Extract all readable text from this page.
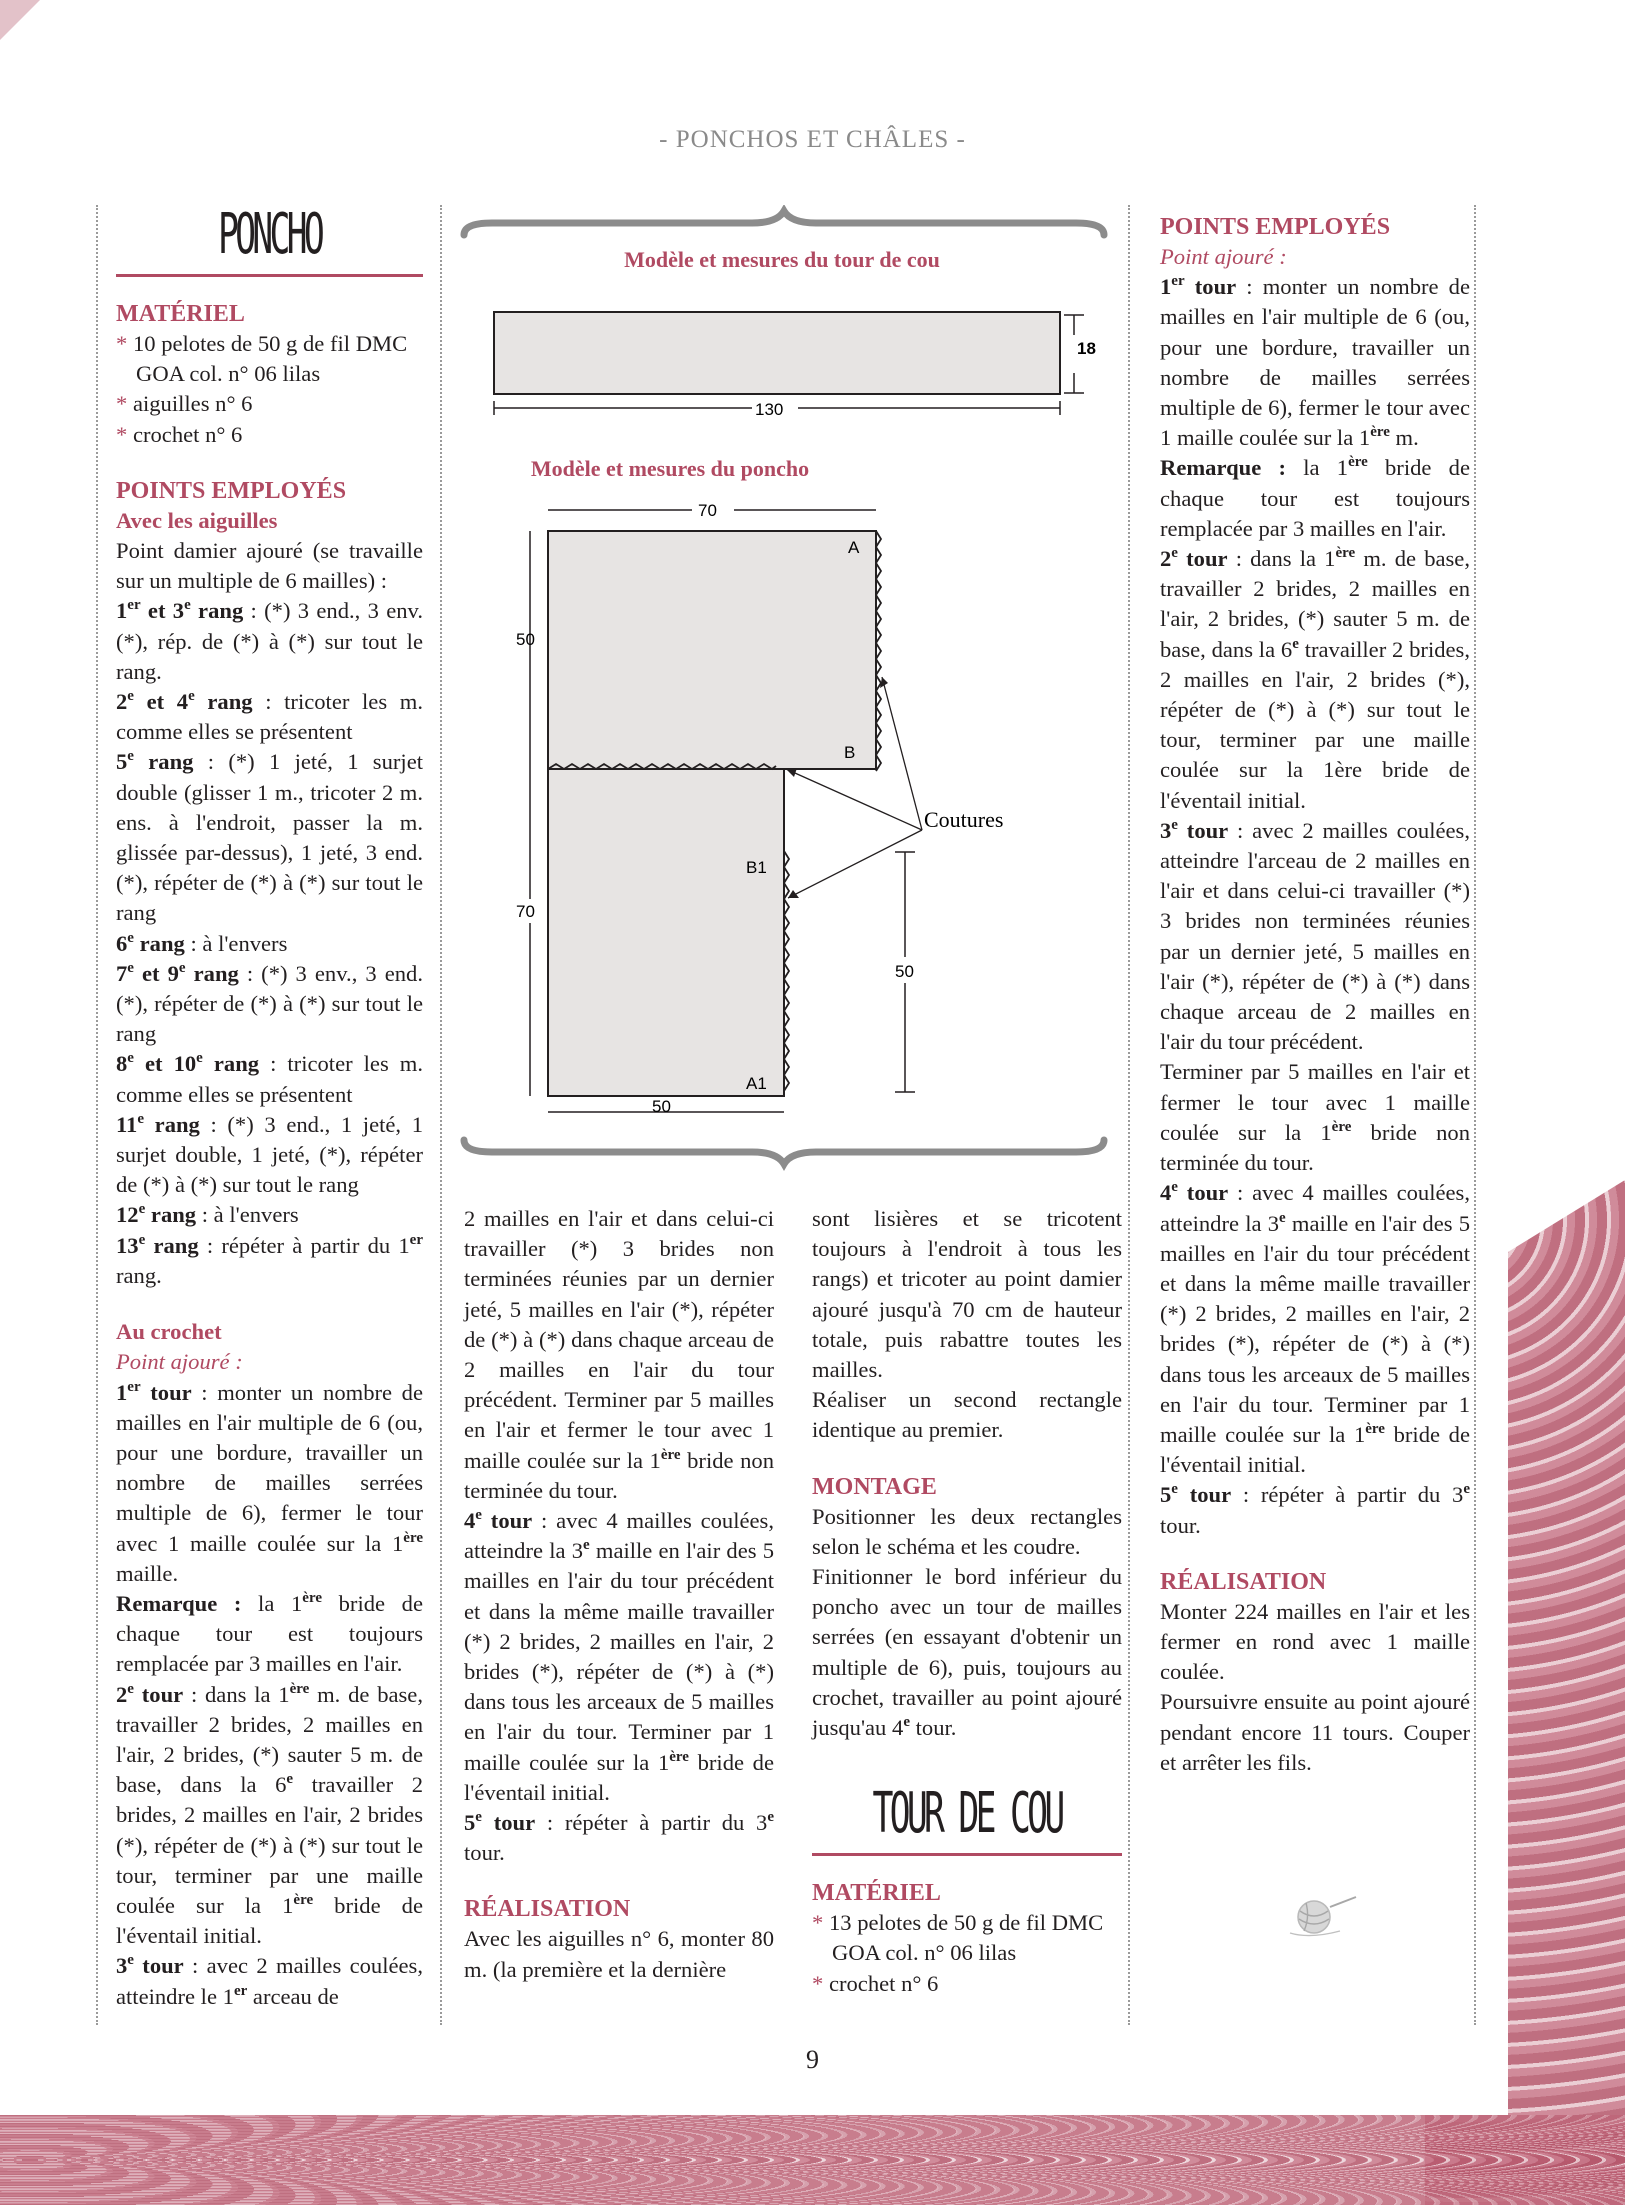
- PONCHOS ET CHÂLES -

PONCHO

MATÉRIEL

* 10 pelotes de 50 g de fil DMC GOA col. n° 06 lilas

* aiguilles n° 6

* crochet n° 6

POINTS EMPLOYÉS

Avec les aiguilles

Point damier ajouré (se travaille sur un multiple de 6 mailles) :

1er et 3e rang : (*) 3 end., 3 env. (*), rép. de (*) à (*) sur tout le rang.

2e et 4e rang : tricoter les m. comme elles se présentent

5e rang : (*) 1 jeté, 1 surjet double (glisser 1 m., tricoter 2 m. ens. à l'endroit, passer la m. glissée par-dessus), 1 jeté, 3 end. (*), répéter de (*) à (*) sur tout le rang

6e rang : à l'envers

7e et 9e rang : (*) 3 env., 3 end. (*), répéter de (*) à (*) sur tout le rang

8e et 10e rang : tricoter les m. comme elles se présentent

11e rang : (*) 3 end., 1 jeté, 1 surjet double, 1 jeté, (*), répéter de (*) à (*) sur tout le rang

12e rang : à l'envers

13e rang : répéter à partir du 1er rang.

Au crochet

Point ajouré :

1er tour : monter un nombre de mailles en l'air multiple de 6 (ou, pour une bordure, travailler un nombre de mailles serrées multiple de 6), fermer le tour avec 1 maille coulée sur la 1ère maille.

Remarque : la 1ère bride de chaque tour est toujours remplacée par 3 mailles en l'air.

2e tour : dans la 1ère m. de base, travailler 2 brides, 2 mailles en l'air, 2 brides, (*) sauter 5 m. de base, dans la 6e travailler 2 brides, 2 mailles en l'air, 2 brides (*), répéter de (*) à (*) sur tout le tour, terminer par une maille coulée sur la 1ère bride de l'éventail initial.

3e tour : avec 2 mailles coulées, atteindre le 1er arceau de

18
130
A
B
B1
A1
70
50
70
50
50
Coutures
Modèle et mesures du tour de cou
Modèle et mesures du poncho

2 mailles en l'air et dans celui-ci travailler (*) 3 brides non terminées réunies par un dernier jeté, 5 mailles en l'air (*), répéter de (*) à (*) dans chaque arceau de 2 mailles en l'air du tour précédent. Terminer par 5 mailles en l'air et fermer le tour avec 1 maille coulée sur la 1ère bride non terminée du tour.

4e tour : avec 4 mailles coulées, atteindre la 3e maille en l'air des 5 mailles en l'air du tour précédent et dans la même maille travailler (*) 2 brides, 2 mailles en l'air, 2 brides (*), répéter de (*) à (*) dans tous les arceaux de 5 mailles en l'air du tour. Terminer par 1 maille coulée sur la 1ère bride de l'éventail initial.

5e tour : répéter à partir du 3e tour.

RÉALISATION

Avec les aiguilles n° 6, monter 80 m. (la première et la dernière

sont lisières et se tricotent toujours à l'endroit à tous les rangs) et tricoter au point damier ajouré jusqu'à 70 cm de hauteur totale, puis rabattre toutes les mailles.

Réaliser un second rectangle identique au premier.

MONTAGE

Positionner les deux rectangles selon le schéma et les coudre.

Finitionner le bord inférieur du poncho avec un tour de mailles serrées (en essayant d'obtenir un multiple de 6), puis, toujours au crochet, travailler au point ajouré jusqu'au 4e tour.

TOUR DE COU

MATÉRIEL

* 13 pelotes de 50 g de fil DMC GOA col. n° 06 lilas

* crochet n° 6

POINTS EMPLOYÉS

Point ajouré :

1er tour : monter un nombre de mailles en l'air multiple de 6 (ou, pour une bordure, travailler un nombre de mailles serrées multiple de 6), fermer le tour avec 1 maille coulée sur la 1ère m.

Remarque : la 1ère bride de chaque tour est toujours remplacée par 3 mailles en l'air.

2e tour : dans la 1ère m. de base, travailler 2 brides, 2 mailles en l'air, 2 brides, (*) sauter 5 m. de base, dans la 6e travailler 2 brides, 2 mailles en l'air, 2 brides (*), répéter de (*) à (*) sur tout le tour, terminer par une maille coulée sur la 1ère bride de l'éventail initial.

3e tour : avec 2 mailles coulées, atteindre l'arceau de 2 mailles en l'air et dans celui-ci travailler (*) 3 brides non terminées réunies par un dernier jeté, 5 mailles en l'air (*), répéter de (*) à (*) dans chaque arceau de 2 mailles en l'air du tour précédent.

Terminer par 5 mailles en l'air et fermer le tour avec 1 maille coulée sur la 1ère bride non terminée du tour.

4e tour : avec 4 mailles coulées, atteindre la 3e maille en l'air des 5 mailles en l'air du tour précédent et dans la même maille travailler (*) 2 brides, 2 mailles en l'air, 2 brides (*), répéter de (*) à (*) dans tous les arceaux de 5 mailles en l'air du tour. Terminer par 1 maille coulée sur la 1ère bride de l'éventail initial.

5e tour : répéter à partir du 3e tour.

RÉALISATION

Monter 224 mailles en l'air et les fermer en rond avec 1 maille coulée.

Poursuivre ensuite au point ajouré pendant encore 11 tours. Couper et arrêter les fils.

9
